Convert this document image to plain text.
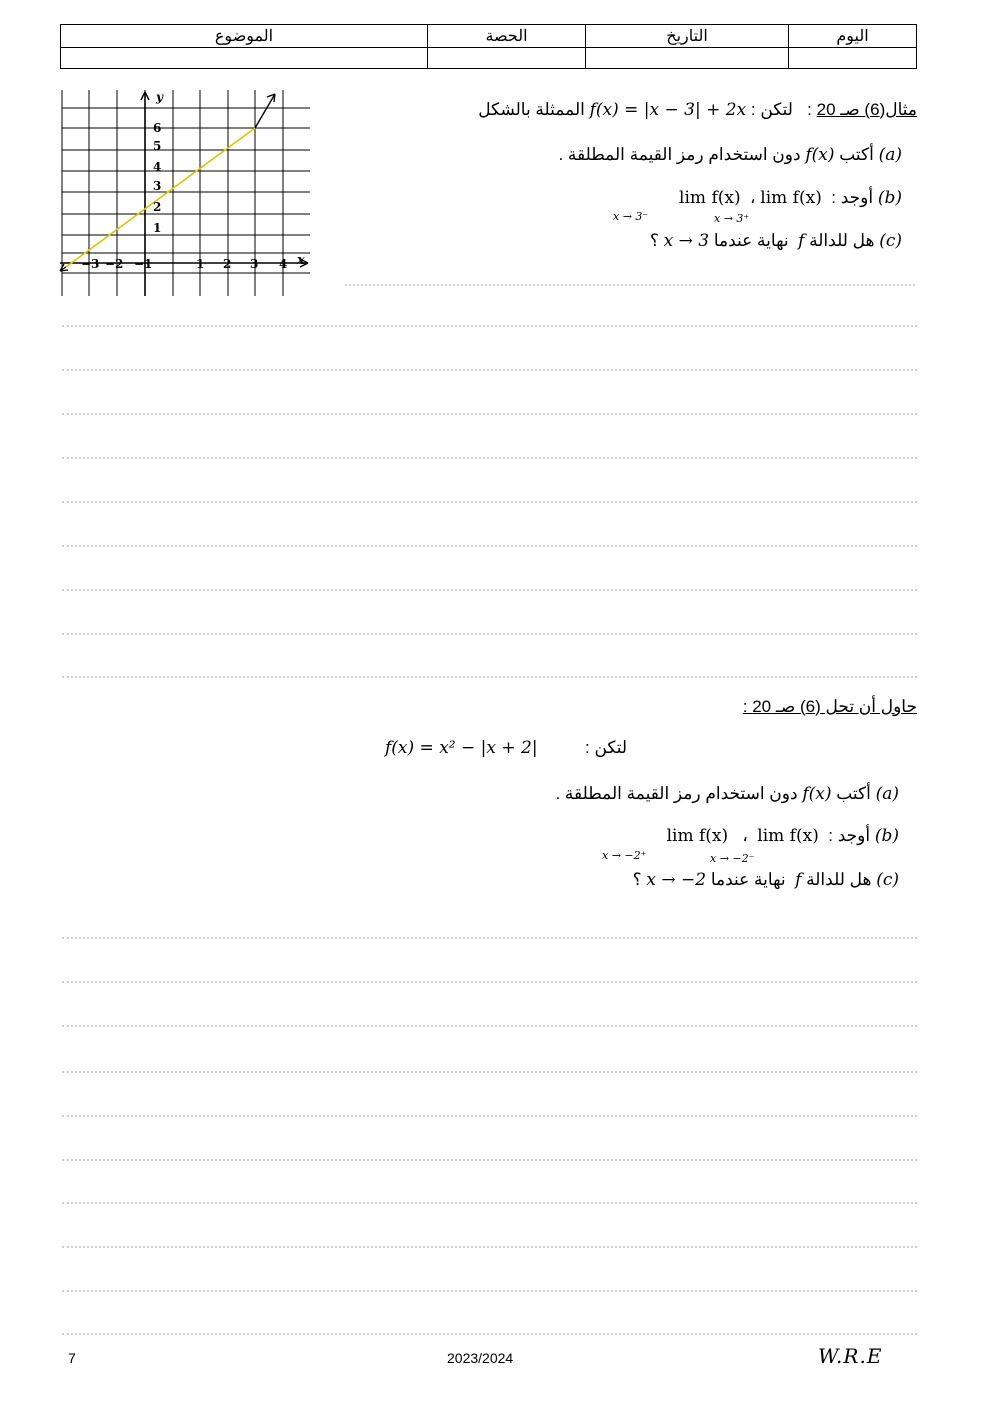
اليوم	التاريخ	الحصة	الموضوع

6
5
4
3
2
1
−3 −2 −1	1 2 3 4
y
x
مثال(6) صـ 20 :   لتكن : f(x) = |x − 3| + 2x الممثلة بالشكل
(a) أكتب f(x) دون استخدام رمز القيمة المطلقة .
(b) أوجد :  lim f(x) ،  lim f(x)
x → 3⁺
x → 3⁻
(c) هل للدالة f  نهاية عندما x → 3 ؟
حاول أن تحل (6) صـ 20 :
f(x) = x² − |x + 2|	لتكن :
(a) أكتب f(x) دون استخدام رمز القيمة المطلقة .
(b) أوجد :  lim f(x)  ،   lim f(x)
x → −2⁻
x → −2⁺
(c) هل للدالة f  نهاية عندما x → −2 ؟
7	2023/2024	W.R.E
